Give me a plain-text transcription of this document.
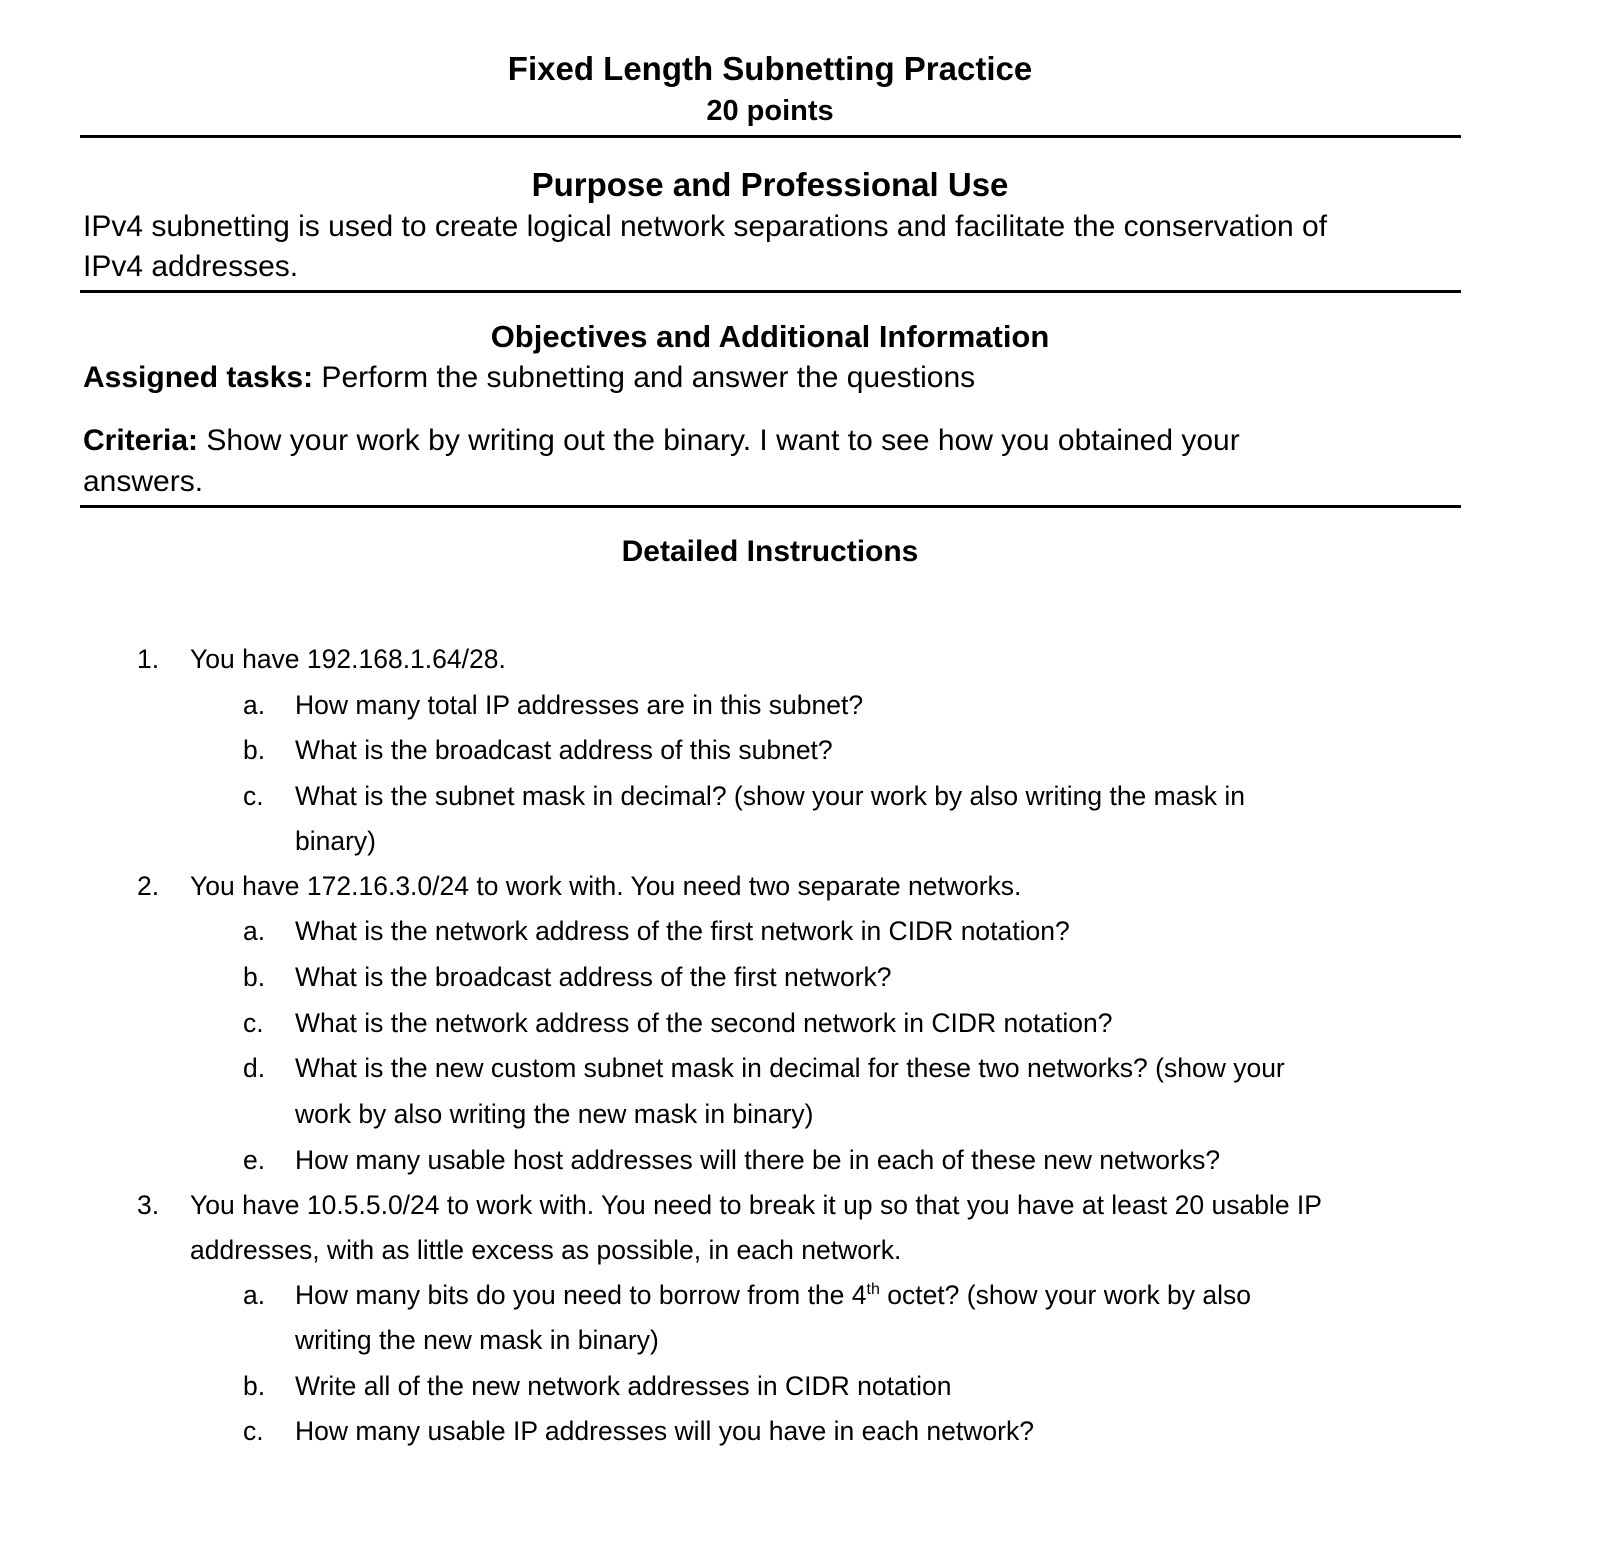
Fixed Length Subnetting Practice
20 points
Purpose and Professional Use
IPv4 subnetting is used to create logical network separations and facilitate the conservation of
IPv4 addresses.
Objectives and Additional Information
Assigned tasks: Perform the subnetting and answer the questions
Criteria: Show your work by writing out the binary. I want to see how you obtained your
answers.
Detailed Instructions
1. You have 192.168.1.64/28.
a. How many total IP addresses are in this subnet?
b. What is the broadcast address of this subnet?
c. What is the subnet mask in decimal? (show your work by also writing the mask in
binary)
2. You have 172.16.3.0/24 to work with. You need two separate networks.
a. What is the network address of the first network in CIDR notation?
b. What is the broadcast address of the first network?
c. What is the network address of the second network in CIDR notation?
d. What is the new custom subnet mask in decimal for these two networks? (show your
work by also writing the new mask in binary)
e. How many usable host addresses will there be in each of these new networks?
3. You have 10.5.5.0/24 to work with. You need to break it up so that you have at least 20 usable IP
addresses, with as little excess as possible, in each network.
a. How many bits do you need to borrow from the 4th octet? (show your work by also
writing the new mask in binary)
b. Write all of the new network addresses in CIDR notation
c. How many usable IP addresses will you have in each network?
